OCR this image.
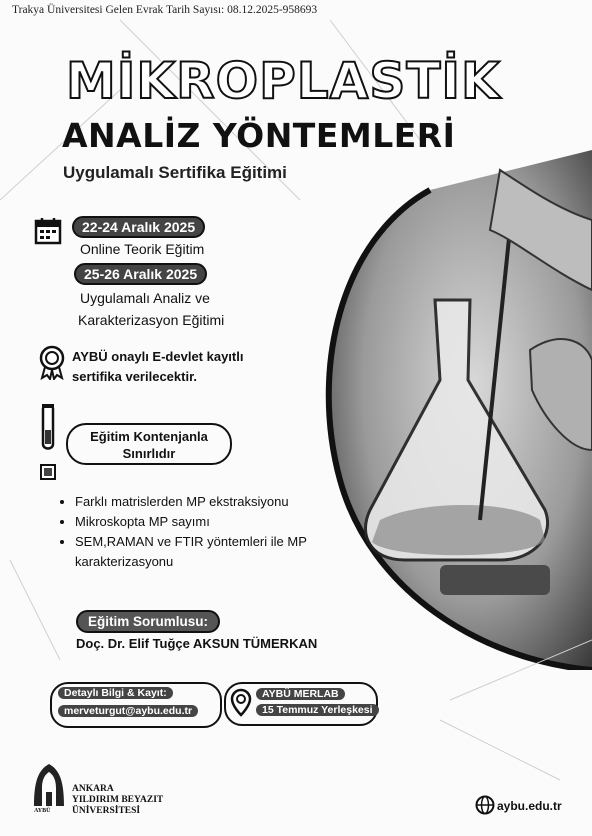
Trakya Üniversitesi Gelen Evrak Tarih Sayısı: 08.12.2025-958693
MİKROPLASTİK
ANALİZ YÖNTEMLERİ
Uygulamalı Sertifika Eğitimi
22-24 Aralık 2025
Online Teorik Eğitim
25-26 Aralık 2025
Uygulamalı Analiz ve
Karakterizasyon Eğitimi
AYBÜ onaylı E-devlet kayıtlı
sertifika verilecektir.
Eğitim Kontenjanla
Sınırlıdır
• Farklı matrislerden MP ekstraksiyonu
• Mikroskopta MP sayımı
• SEM,RAMAN ve FTIR yöntemleri ile MP karakterizasyonu
Eğitim Sorumlusu:
Doç. Dr. Elif Tuğçe AKSUN TÜMERKAN
Detaylı Bilgi & Kayıt:
merveturgut@aybu.edu.tr
AYBÜ MERLAB
15 Temmuz Yerleşkesi
AYBÜ
ANKARA
YILDIRIM BEYAZIT
ÜNİVERSİTESİ	aybu.edu.tr
